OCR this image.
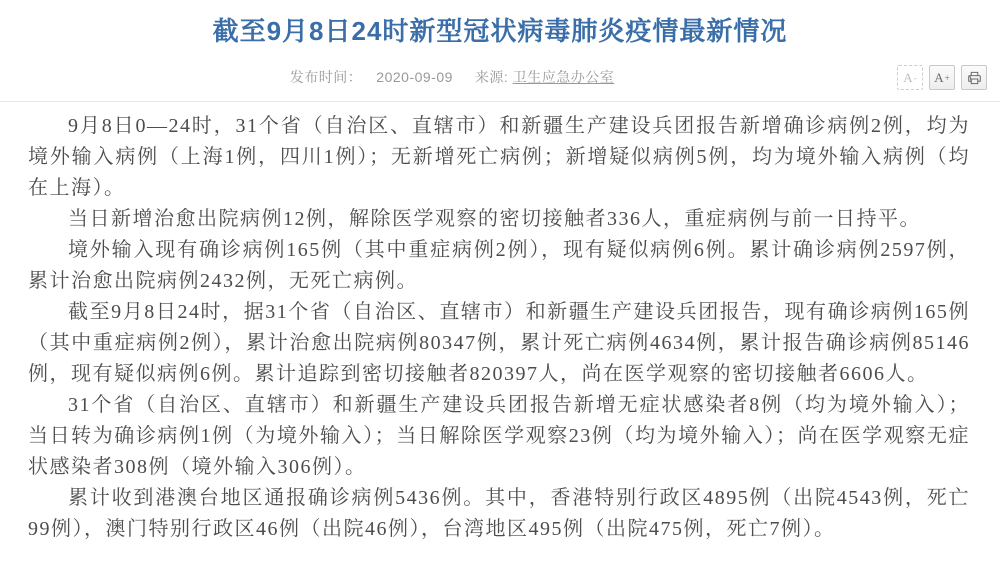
截至9月8日24时新型冠状病毒肺炎疫情最新情况
发布时间： 2020-09-09 来源: 卫生应急办公室	A - A +

9月8日0—24时，31个省（自治区、直辖市）和新疆生产建设兵团报告新增确诊病例2例，均为境外输入病例（上海1例，四川1例）；无新增死亡病例；新增疑似病例5例，均为境外输入病例（均在上海）。

当日新增治愈出院病例12例，解除医学观察的密切接触者336人，重症病例与前一日持平。

境外输入现有确诊病例165例（其中重症病例2例），现有疑似病例6例。累计确诊病例2597例，累计治愈出院病例2432例，无死亡病例。

截至9月8日24时，据31个省（自治区、直辖市）和新疆生产建设兵团报告，现有确诊病例165例（其中重症病例2例），累计治愈出院病例80347例，累计死亡病例4634例，累计报告确诊病例85146例，现有疑似病例6例。累计追踪到密切接触者820397人，尚在医学观察的密切接触者6606人。

31个省（自治区、直辖市）和新疆生产建设兵团报告新增无症状感染者8例（均为境外输入）；当日转为确诊病例1例（为境外输入）；当日解除医学观察23例（均为境外输入）；尚在医学观察无症状感染者308例（境外输入306例）。

累计收到港澳台地区通报确诊病例5436例。其中，香港特别行政区4895例（出院4543例，死亡99例），澳门特别行政区46例（出院46例），台湾地区495例（出院475例，死亡7例）。
